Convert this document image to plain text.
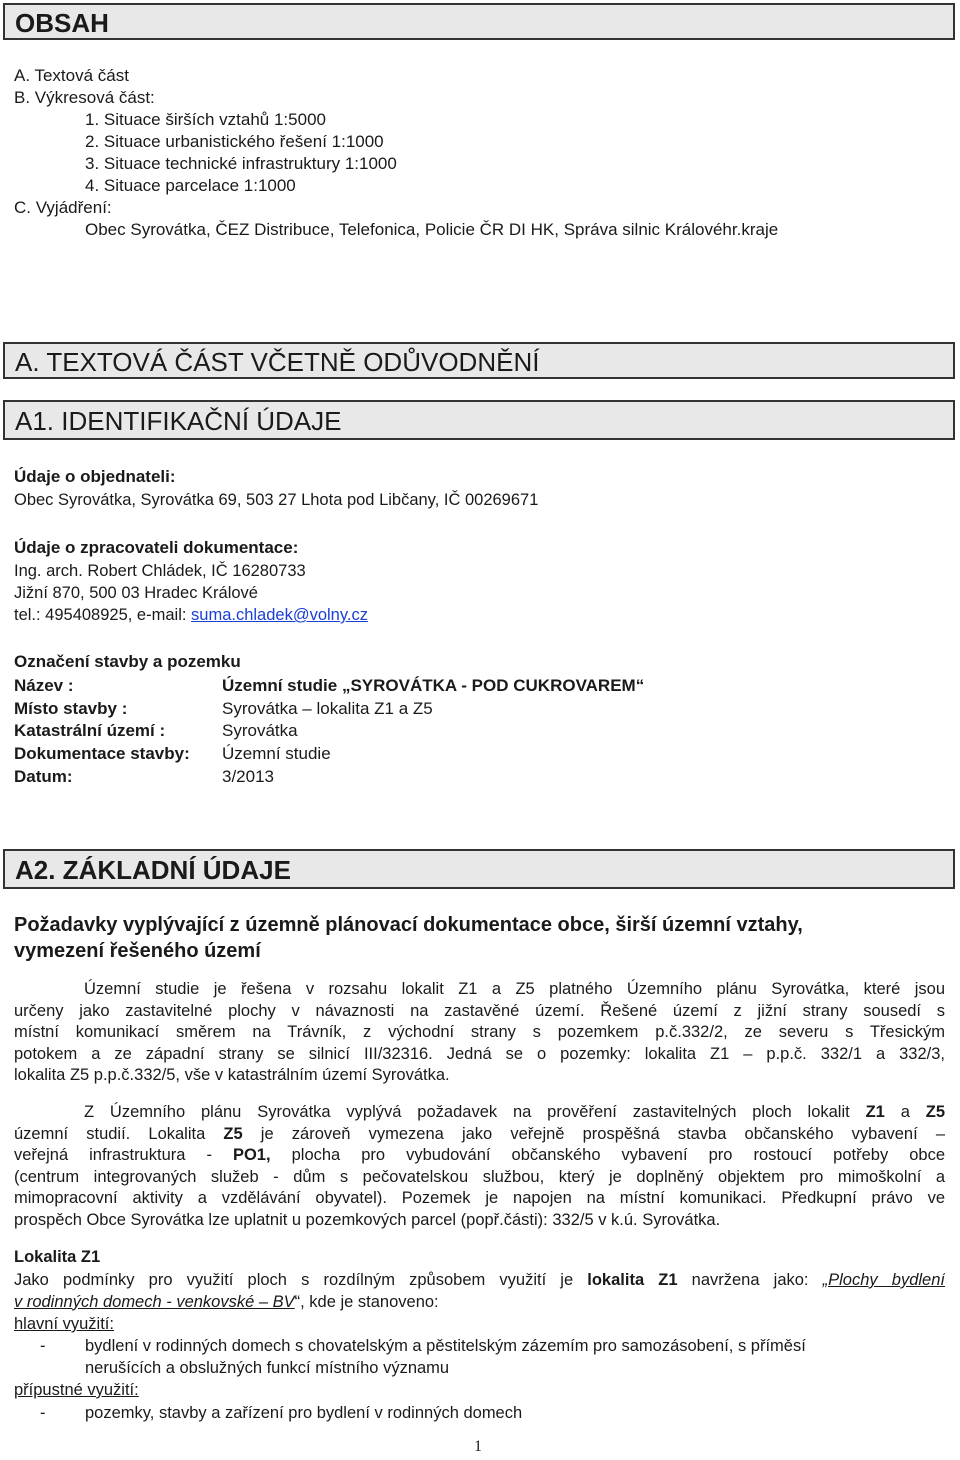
OBSAH
A. Textová část
B. Výkresová část:
1. Situace širších vztahů 1:5000
2. Situace urbanistického řešení 1:1000
3. Situace technické infrastruktury 1:1000
4. Situace parcelace 1:1000
C. Vyjádření:
Obec Syrovátka, ČEZ Distribuce, Telefonica, Policie ČR DI HK, Správa silnic Královéhr.kraje
A. TEXTOVÁ ČÁST VČETNĚ ODŮVODNĚNÍ
A1. IDENTIFIKAČNÍ ÚDAJE
Údaje o objednateli:
Obec Syrovátka, Syrovátka 69, 503 27 Lhota pod Libčany, IČ 00269671
Údaje o zpracovateli dokumentace:
Ing. arch. Robert Chládek, IČ 16280733
Jižní 870, 500 03 Hradec Králové
tel.: 495408925, e-mail: suma.chladek@volny.cz
Označení stavby a pozemku
Název :	Územní studie „SYROVÁTKA - POD CUKROVAREM“
Místo stavby :	Syrovátka – lokalita Z1 a Z5
Katastrální území :	Syrovátka
Dokumentace stavby: Územní studie
Datum:	3/2013
A2. ZÁKLADNÍ ÚDAJE
Požadavky vyplývající z územně plánovací dokumentace obce, širší územní vztahy,
vymezení řešeného území
Územní studie je řešena v rozsahu lokalit Z1 a Z5 platného Územního plánu Syrovátka, které jsou
určeny jako zastavitelné plochy v návaznosti na zastavěné území. Řešené území z jižní strany sousedí s
místní komunikací směrem na Trávník, z východní strany s pozemkem p.č.332/2, ze severu s Třesickým
potokem a ze západní strany se silnicí III/32316. Jedná se o pozemky: lokalita Z1 – p.p.č. 332/1 a 332/3,
lokalita Z5 p.p.č.332/5, vše v katastrálním území Syrovátka.
Z Územního plánu Syrovátka vyplývá požadavek na prověření zastavitelných ploch lokalit Z1 a Z5
územní studií. Lokalita Z5 je zároveň vymezena jako veřejně prospěšná stavba občanského vybavení –
veřejná infrastruktura - PO1, plocha pro vybudování občanského vybavení pro rostoucí potřeby obce
(centrum integrovaných služeb - dům s pečovatelskou službou, který je doplněný objektem pro mimoškolní a
mimopracovní aktivity a vzdělávání obyvatel). Pozemek je napojen na místní komunikaci. Předkupní právo ve
prospěch Obce Syrovátka lze uplatnit u pozemkových parcel (popř.části): 332/5 v k.ú. Syrovátka.
Lokalita Z1
Jako podmínky pro využití ploch s rozdílným způsobem využití je lokalita Z1 navržena jako: „Plochy bydlení
v rodinných domech - venkovské – BV“, kde je stanoveno:
hlavní využití:
- bydlení v rodinných domech s chovatelským a pěstitelským zázemím pro samozásobení, s příměsí
nerušících a obslužných funkcí místního významu
přípustné využití:
- pozemky, stavby a zařízení pro bydlení v rodinných domech
1
